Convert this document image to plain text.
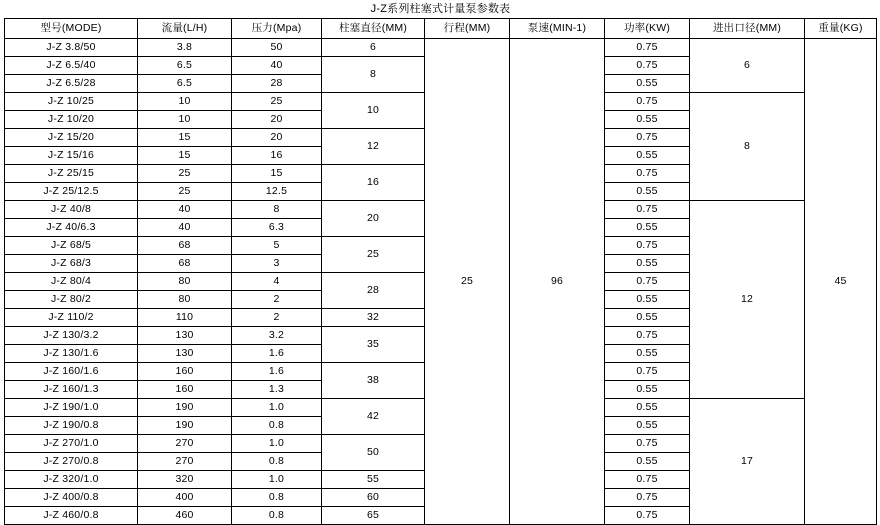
J-Z系列柱塞式计量泵参数表								
型号(MODE)	流量(L/H)	压力(Mpa)	柱塞直径(MM)	行程(MM)	泵速(MIN-1)	功率(KW)	进出口径(MM)	重量(KG)
J-Z 3.8/50	3.8	50	6	25	96	0.75	6	45
J-Z 6.5/40	6.5	40	8			0.75		
J-Z 6.5/28	6.5	28				0.55		
J-Z 10/25	10	25	10			0.75	8	
J-Z 10/20	10	20				0.55		
J-Z 15/20	15	20	12			0.75		
J-Z 15/16	15	16				0.55		
J-Z 25/15	25	15	16			0.75		
J-Z 25/12.5	25	12.5				0.55		
J-Z 40/8	40	8	20			0.75	12	
J-Z 40/6.3	40	6.3				0.55		
J-Z 68/5	68	5	25			0.75		
J-Z 68/3	68	3				0.55		
J-Z 80/4	80	4	28			0.75		
J-Z 80/2	80	2				0.55		
J-Z 110/2	110	2	32			0.55		
J-Z 130/3.2	130	3.2	35			0.75		
J-Z 130/1.6	130	1.6				0.55		
J-Z 160/1.6	160	1.6	38			0.75		
J-Z 160/1.3	160	1.3				0.55		
J-Z 190/1.0	190	1.0	42			0.55	17	
J-Z 190/0.8	190	0.8				0.55		
J-Z 270/1.0	270	1.0	50			0.75		
J-Z 270/0.8	270	0.8				0.55		
J-Z 320/1.0	320	1.0	55			0.75		
J-Z 400/0.8	400	0.8	60			0.75		
J-Z 460/0.8	460	0.8	65			0.75		
